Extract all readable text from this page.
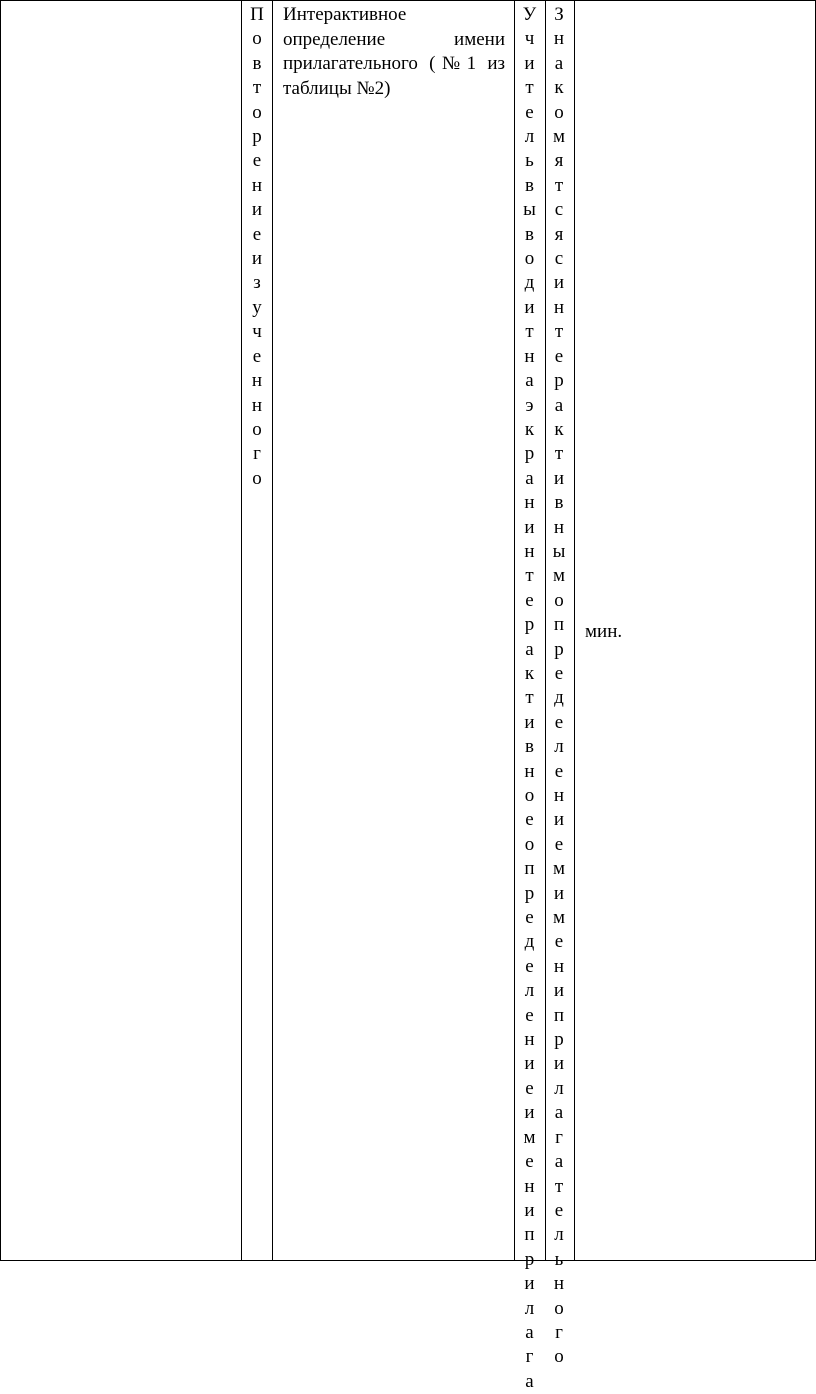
П
о
в
т
о
р
е
н
и
е
и
з
у
ч
е
н
н
о
г
о
Интерактивное определение имени прилагательного (№1 из таблицы №2)
У
ч
и
т
е
л
ь
в
ы
в
о
д
и
т
н
а
э
к
р
а
н
и
н
т
е
р
а
к
т
и
в
н
о
е
о
п
р
е
д
е
л
е
н
и
е
и
м
е
н
и
п
р
и
л
а
г
а
З
н
а
к
о
м
я
т
с
я
с
и
н
т
е
р
а
к
т
и
в
н
ы
м
о
п
р
е
д
е
л
е
н
и
е
м
и
м
е
н
и
п
р
и
л
а
г
а
т
е
л
ь
н
о
г
о
мин.
